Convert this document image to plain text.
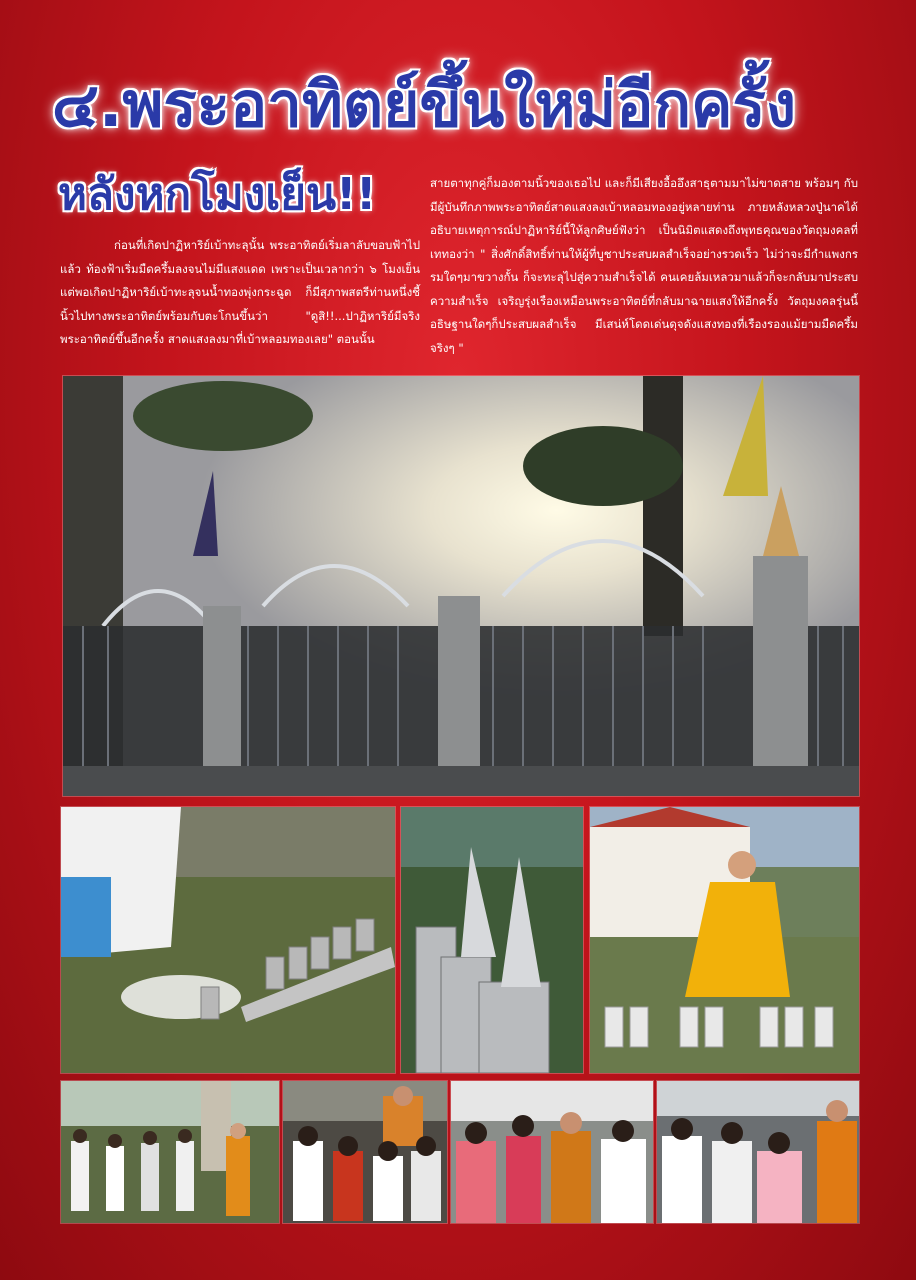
๔.พระอาทิตย์ขึ้นใหม่อีกครั้ง
หลังหกโมงเย็น!!
ก่อนที่เกิดปาฏิหาริย์เบ้าทะลุนั้น พระอาทิตย์เริ่มลาลับขอบฟ้าไปแล้ว ท้องฟ้าเริ่มมืดครึ้มลงจนไม่มีแสงแดด เพราะเป็นเวลากว่า ๖ โมงเย็น แต่พอเกิดปาฏิหาริย์เบ้าทะลุจนน้ำทองพุ่งกระฉูด ก็มีสุภาพสตรีท่านหนึ่งชี้นิ้วไปทางพระอาทิตย์พร้อมกับตะโกนขึ้นว่า "ดูสิ!!...ปาฏิหาริย์มีจริง พระอาทิตย์ขึ้นอีกครั้ง สาดแสงลงมาที่เบ้าหลอมทองเลย" ตอนนั้น
สายตาทุกคู่ก็มองตามนิ้วของเธอไป และก็มีเสียงอื้ออึงสาธุตามมาไม่ขาดสาย พร้อมๆ กับมีผู้บันทึกภาพพระอาทิตย์สาดแสงลงเบ้าหลอมทองอยู่หลายท่าน ภายหลังหลวงปู่นาคได้อธิบายเหตุการณ์ปาฏิหาริย์นี้ให้ลูกศิษย์ฟังว่า เป็นนิมิตแสดงถึงพุทธคุณของวัตถุมงคลที่เททองว่า " สิ่งศักดิ์สิทธิ์ท่านให้ผู้ที่บูชาประสบผลสำเร็จอย่างรวดเร็ว ไม่ว่าจะมีกำแพงกรรมใดๆมาขวางกั้น ก็จะทะลุไปสู่ความสำเร็จได้ คนเคยล้มเหลวมาแล้วก็จะกลับมาประสบความสำเร็จ เจริญรุ่งเรืองเหมือนพระอาทิตย์ที่กลับมาฉายแสงให้อีกครั้ง วัตถุมงคลรุ่นนี้อธิษฐานใดๆก็ประสบผลสำเร็จ มีเสน่ห์โดดเด่นดุจดังแสงทองที่เรืองรองแม้ยามมืดครึ้มจริงๆ "
